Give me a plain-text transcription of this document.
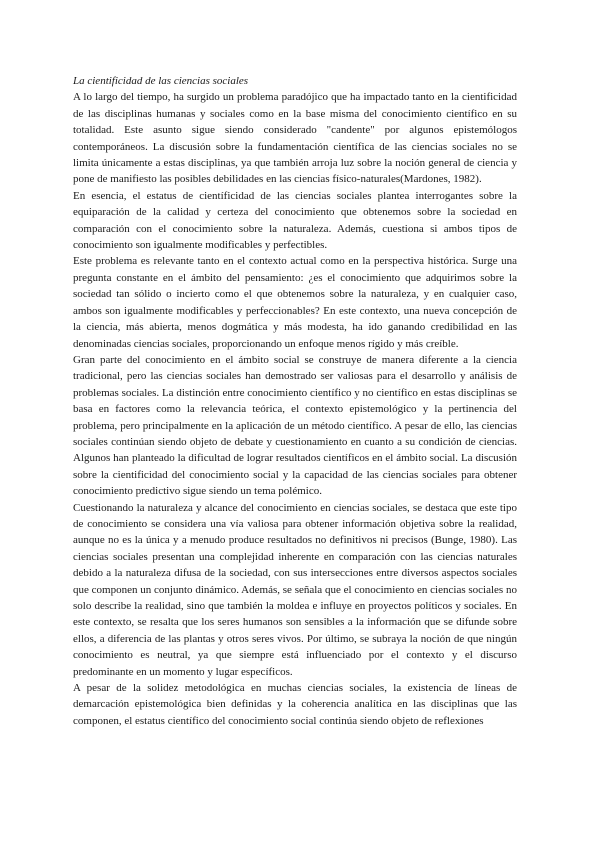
La cientificidad de las ciencias sociales

A lo largo del tiempo, ha surgido un problema paradójico que ha impactado tanto en la cientificidad de las disciplinas humanas y sociales como en la base misma del conocimiento científico en su totalidad. Este asunto sigue siendo considerado "candente" por algunos epistemólogos contemporáneos. La discusión sobre la fundamentación científica de las ciencias sociales no se limita únicamente a estas disciplinas, ya que también arroja luz sobre la noción general de ciencia y pone de manifiesto las posibles debilidades en las ciencias físico-naturales(Mardones, 1982).

En esencia, el estatus de científicidad de las ciencias sociales plantea interrogantes sobre la equiparación de la calidad y certeza del conocimiento que obtenemos sobre la sociedad en comparación con el conocimiento sobre la naturaleza. Además, cuestiona si ambos tipos de conocimiento son igualmente modificables y perfectibles.

Este problema es relevante tanto en el contexto actual como en la perspectiva histórica. Surge una pregunta constante en el ámbito del pensamiento: ¿es el conocimiento que adquirimos sobre la sociedad tan sólido o incierto como el que obtenemos sobre la naturaleza, y en cualquier caso, ambos son igualmente modificables y perfeccionables? En este contexto, una nueva concepción de la ciencia, más abierta, menos dogmática y más modesta, ha ido ganando credibilidad en las denominadas ciencias sociales, proporcionando un enfoque menos rígido y más creíble.

Gran parte del conocimiento en el ámbito social se construye de manera diferente a la ciencia tradicional, pero las ciencias sociales han demostrado ser valiosas para el desarrollo y análisis de problemas sociales. La distinción entre conocimiento científico y no científico en estas disciplinas se basa en factores como la relevancia teórica, el contexto epistemológico y la pertinencia del problema, pero principalmente en la aplicación de un método científico. A pesar de ello, las ciencias sociales continúan siendo objeto de debate y cuestionamiento en cuanto a su condición de ciencias. Algunos han planteado la dificultad de lograr resultados científicos en el ámbito social. La discusión sobre la cientificidad del conocimiento social y la capacidad de las ciencias sociales para obtener conocimiento predictivo sigue siendo un tema polémico.

Cuestionando la naturaleza y alcance del conocimiento en ciencias sociales, se destaca que este tipo de conocimiento se considera una vía valiosa para obtener información objetiva sobre la realidad, aunque no es la única y a menudo produce resultados no definitivos ni precisos (Bunge, 1980). Las ciencias sociales presentan una complejidad inherente en comparación con las ciencias naturales debido a la naturaleza difusa de la sociedad, con sus intersecciones entre diversos aspectos sociales que componen un conjunto dinámico. Además, se señala que el conocimiento en ciencias sociales no solo describe la realidad, sino que también la moldea e influye en proyectos políticos y sociales. En este contexto, se resalta que los seres humanos son sensibles a la información que se difunde sobre ellos, a diferencia de las plantas y otros seres vivos. Por último, se subraya la noción de que ningún conocimiento es neutral, ya que siempre está influenciado por el contexto y el discurso predominante en un momento y lugar específicos.

A pesar de la solidez metodológica en muchas ciencias sociales, la existencia de líneas de demarcación epistemológica bien definidas y la coherencia analítica en las disciplinas que las componen, el estatus científico del conocimiento social continúa siendo objeto de reflexiones
